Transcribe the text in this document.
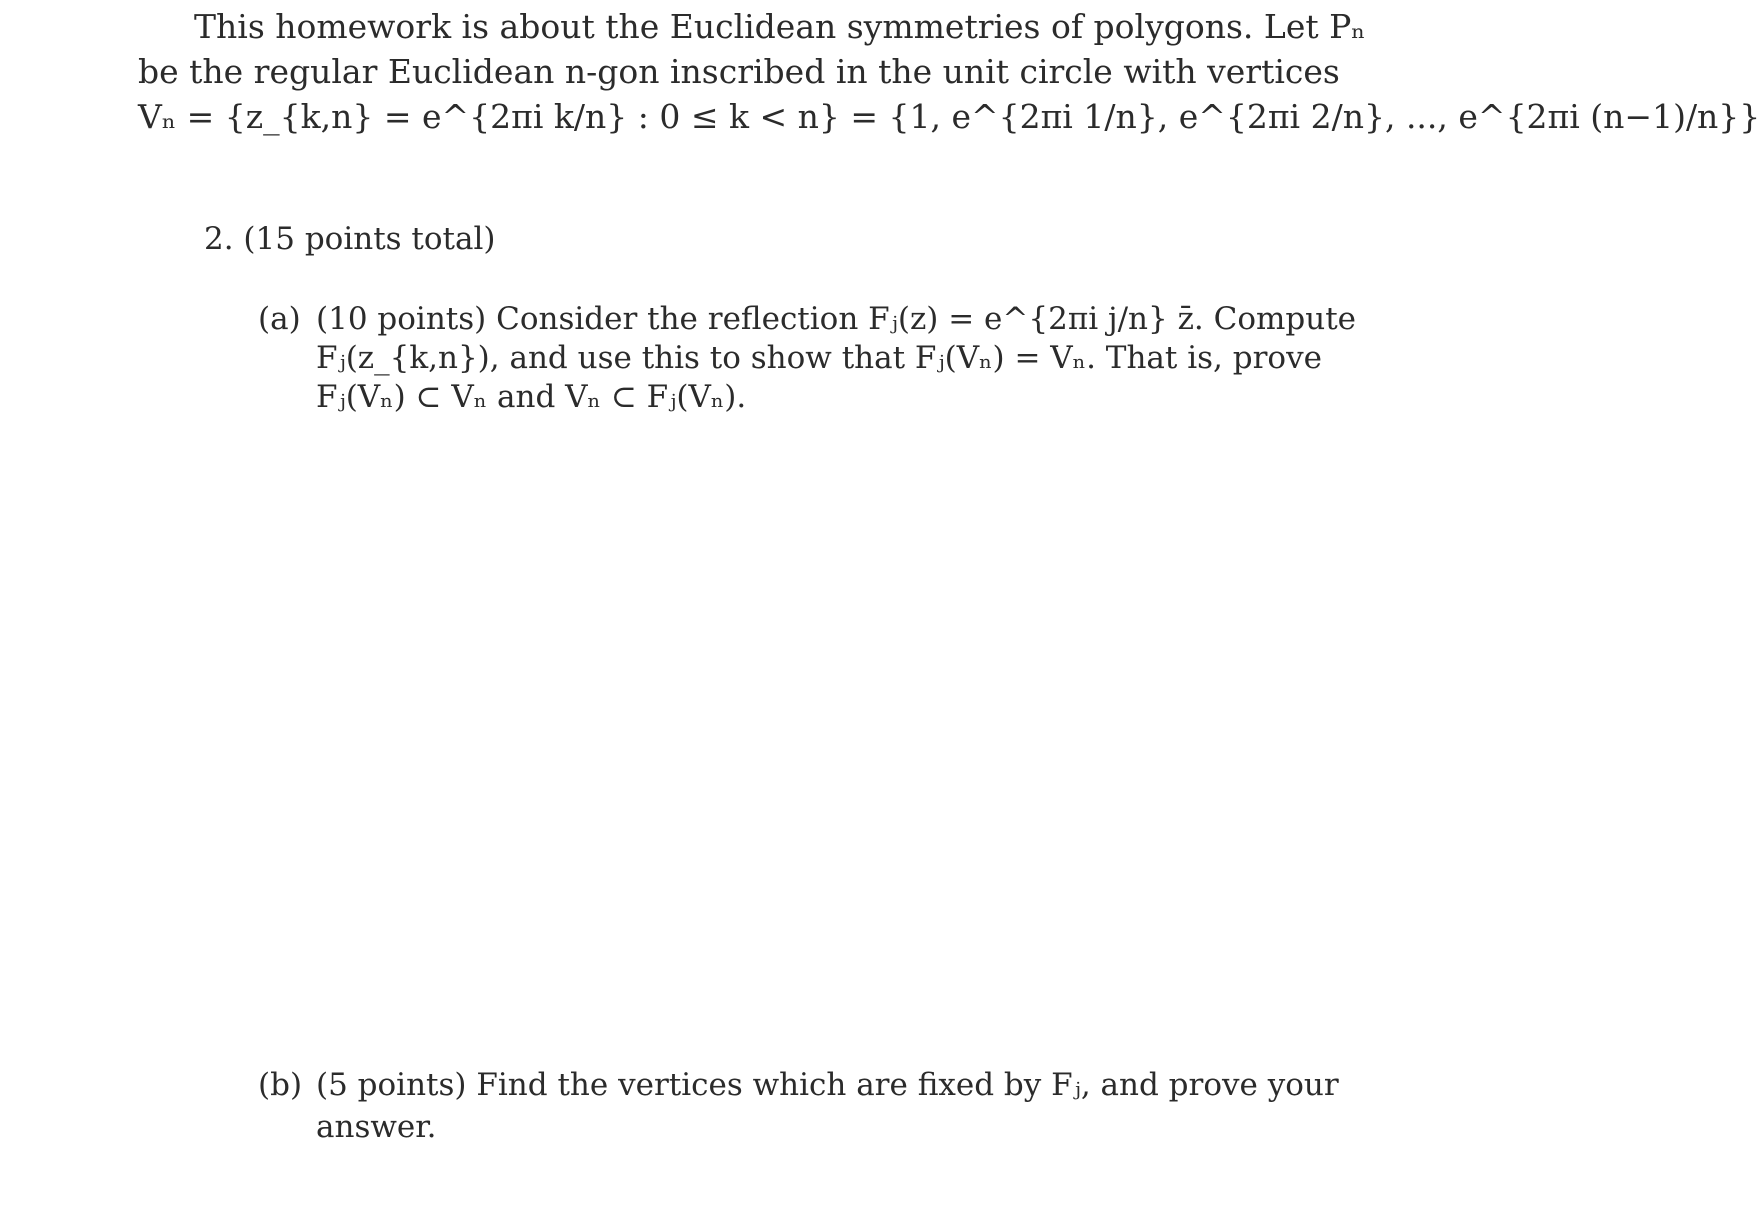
This homework is about the Euclidean symmetries of polygons. Let Pₙ
be the regular Euclidean n-gon inscribed in the unit circle with vertices
Vₙ = {z_{k,n} = e^{2πi k/n} : 0 ≤ k < n} = {1, e^{2πi 1/n}, e^{2πi 2/n}, ..., e^{2πi (n−1)/n}}
2. (15 points total)
(a) (10 points) Consider the reflection Fⱼ(z) = e^{2πi j/n} z̄. Compute
Fⱼ(z_{k,n}), and use this to show that Fⱼ(Vₙ) = Vₙ. That is, prove
Fⱼ(Vₙ) ⊂ Vₙ and Vₙ ⊂ Fⱼ(Vₙ).
(b) (5 points) Find the vertices which are fixed by Fⱼ, and prove your
answer.
